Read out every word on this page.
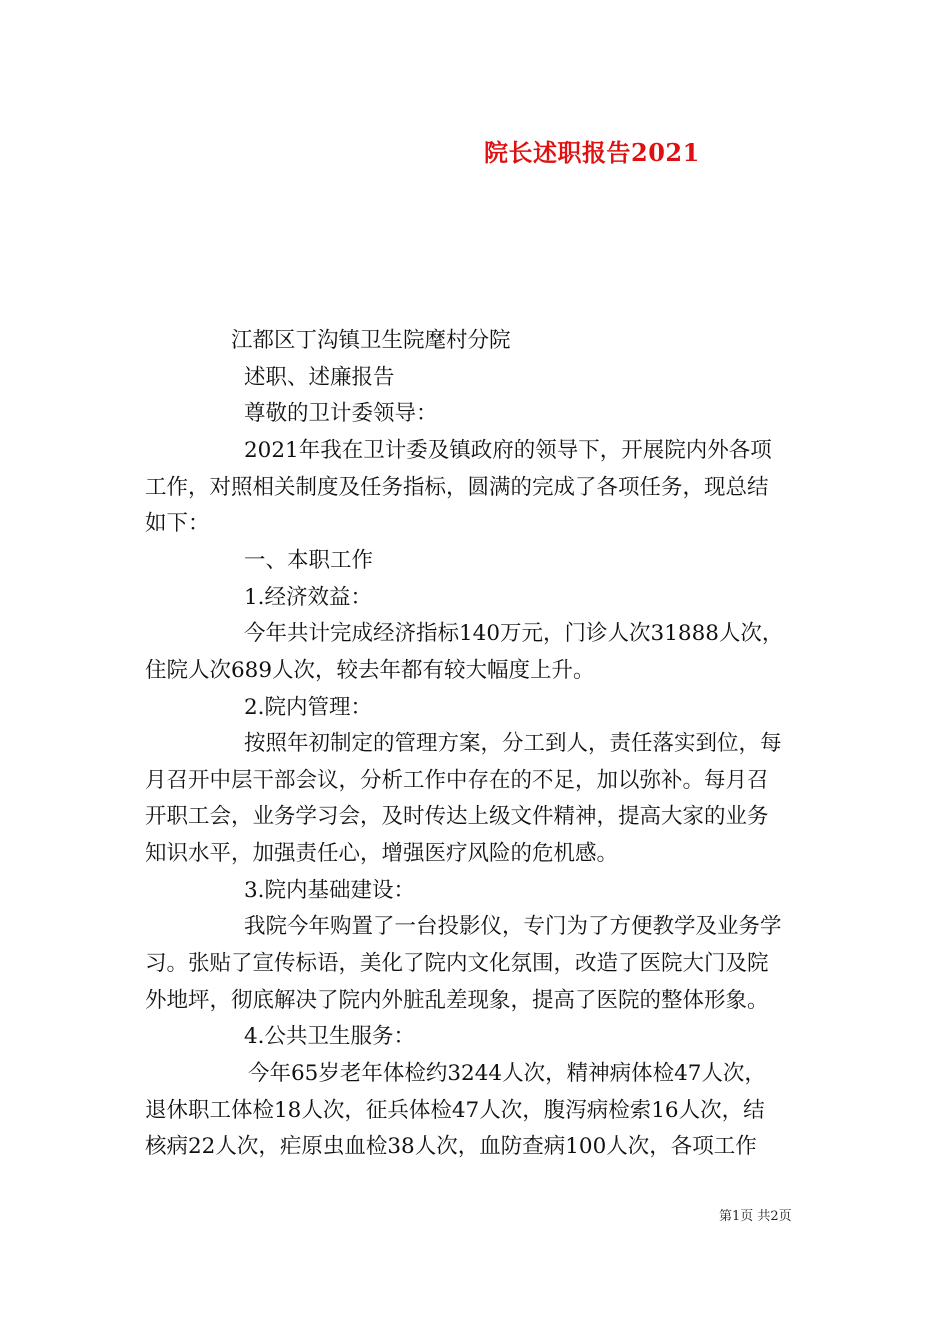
院长述职报告2021
江都区丁沟镇卫生院麾村分院
述职、述廉报告
尊敬的卫计委领导：
2021年我在卫计委及镇政府的领导下，开展院内外各项
工作，对照相关制度及任务指标，圆满的完成了各项任务，现总结
如下：
一、本职工作
1.经济效益：
今年共计完成经济指标140万元，门诊人次31888人次，
住院人次689人次，较去年都有较大幅度上升。
2.院内管理：
按照年初制定的管理方案，分工到人，责任落实到位，每
月召开中层干部会议，分析工作中存在的不足，加以弥补。每月召
开职工会，业务学习会，及时传达上级文件精神，提高大家的业务
知识水平，加强责任心，增强医疗风险的危机感。
3.院内基础建设：
我院今年购置了一台投影仪，专门为了方便教学及业务学
习。张贴了宣传标语，美化了院内文化氛围，改造了医院大门及院
外地坪，彻底解决了院内外脏乱差现象，提高了医院的整体形象。
4.公共卫生服务：
今年65岁老年体检约3244人次，精神病体检47人次，
退休职工体检18人次，征兵体检47人次，腹泻病检索16人次，结
核病22人次，疟原虫血检38人次，血防查病100人次，各项工作
第1页 共2页
